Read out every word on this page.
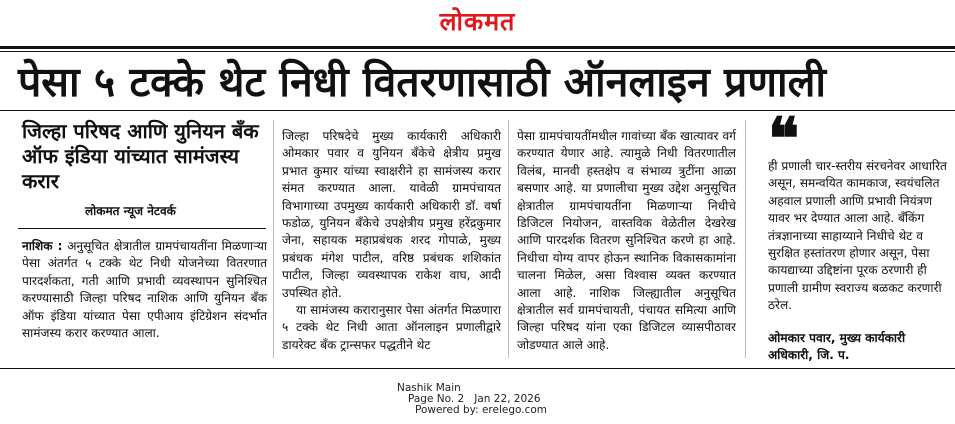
लोकमत
पेसा ५ टक्के थेट निधी वितरणासाठी ऑनलाइन प्रणाली
जिल्हा परिषद आणि युनियन बँक ऑफ इंडिया यांच्यात सामंजस्य करार
लोकमत न्यूज नेटवर्क

नाशिक : अनुसूचित क्षेत्रातील ग्रामपंचायतींना मिळणाऱ्या पेसा अंतर्गत ५ टक्के थेट निधी योजनेच्या वितरणात पारदर्शकता, गती आणि प्रभावी व्यवस्थापन सुनिश्चित करण्यासाठी जिल्हा परिषद नाशिक आणि युनियन बँक ऑफ इंडिया यांच्यात पेसा एपीआय इंटिग्रेशन संदर्भात सामंजस्य करार करण्यात आला.

जिल्हा परिषदेचे मुख्य कार्यकारी अधिकारी ओमकार पवार व युनियन बँकेचे क्षेत्रीय प्रमुख प्रभात कुमार यांच्या स्वाक्षरीने हा सामंजस्य करार संमत करण्यात आला. यावेळी ग्रामपंचायत विभागाच्या उपमुख्य कार्यकारी अधिकारी डॉ. वर्षा फडोळ, युनियन बँकेचे उपक्षेत्रीय प्रमुख हरेंद्रकुमार जेना, सहायक महाप्रबंधक शरद गोपाळे, मुख्य प्रबंधक मंगेश पाटील, वरिष्ठ प्रबंधक शशिकांत पाटील, जिल्हा व्यवस्थापक राकेश वाघ, आदी उपस्थित होते.

या सामंजस्य करारानुसार पेसा अंतर्गत मिळणारा ५ टक्के थेट निधी आता ऑनलाइन प्रणालीद्वारे डायरेक्ट बँक ट्रान्सफर पद्धतीने थेट

पेसा ग्रामपंचायतींमधील गावांच्या बँक खात्यावर वर्ग करण्यात येणार आहे. त्यामुळे निधी वितरणातील विलंब, मानवी हस्तक्षेप व संभाव्य त्रुटींना आळा बसणार आहे. या प्रणालीचा मुख्य उद्देश अनुसूचित क्षेत्रातील ग्रामपंचायतींना मिळणाऱ्या निधीचे डिजिटल नियोजन, वास्तविक वेळेतील देखरेख आणि पारदर्शक वितरण सुनिश्चित करणे हा आहे. निधीचा योग्य वापर होऊन स्थानिक विकासकामांना चालना मिळेल, असा विश्वास व्यक्त करण्यात आला आहे. नाशिक जिल्ह्यातील अनुसूचित क्षेत्रातील सर्व ग्रामपंचायती, पंचायत समित्या आणि जिल्हा परिषद यांना एका डिजिटल व्यासपीठावर जोडण्यात आले आहे.

❝
ही प्रणाली चार-स्तरीय संरचनेवर आधारित असून, समन्वयित कामकाज, स्वयंचलित अहवाल प्रणाली आणि प्रभावी नियंत्रण यावर भर देण्यात आला आहे. बँकिंग तंत्रज्ञानाच्या साहाय्याने निधीचे थेट व सुरक्षित हस्तांतरण होणार असून, पेसा कायद्याच्या उद्दिष्टांना पूरक ठरणारी ही प्रणाली ग्रामीण स्वराज्य बळकट करणारी ठरेल.
ओमकार पवार, मुख्य कार्यकारी अधिकारी, जि. प.
Nashik Main
Page No. 2 Jan 22, 2026
Powered by: erelego.com
